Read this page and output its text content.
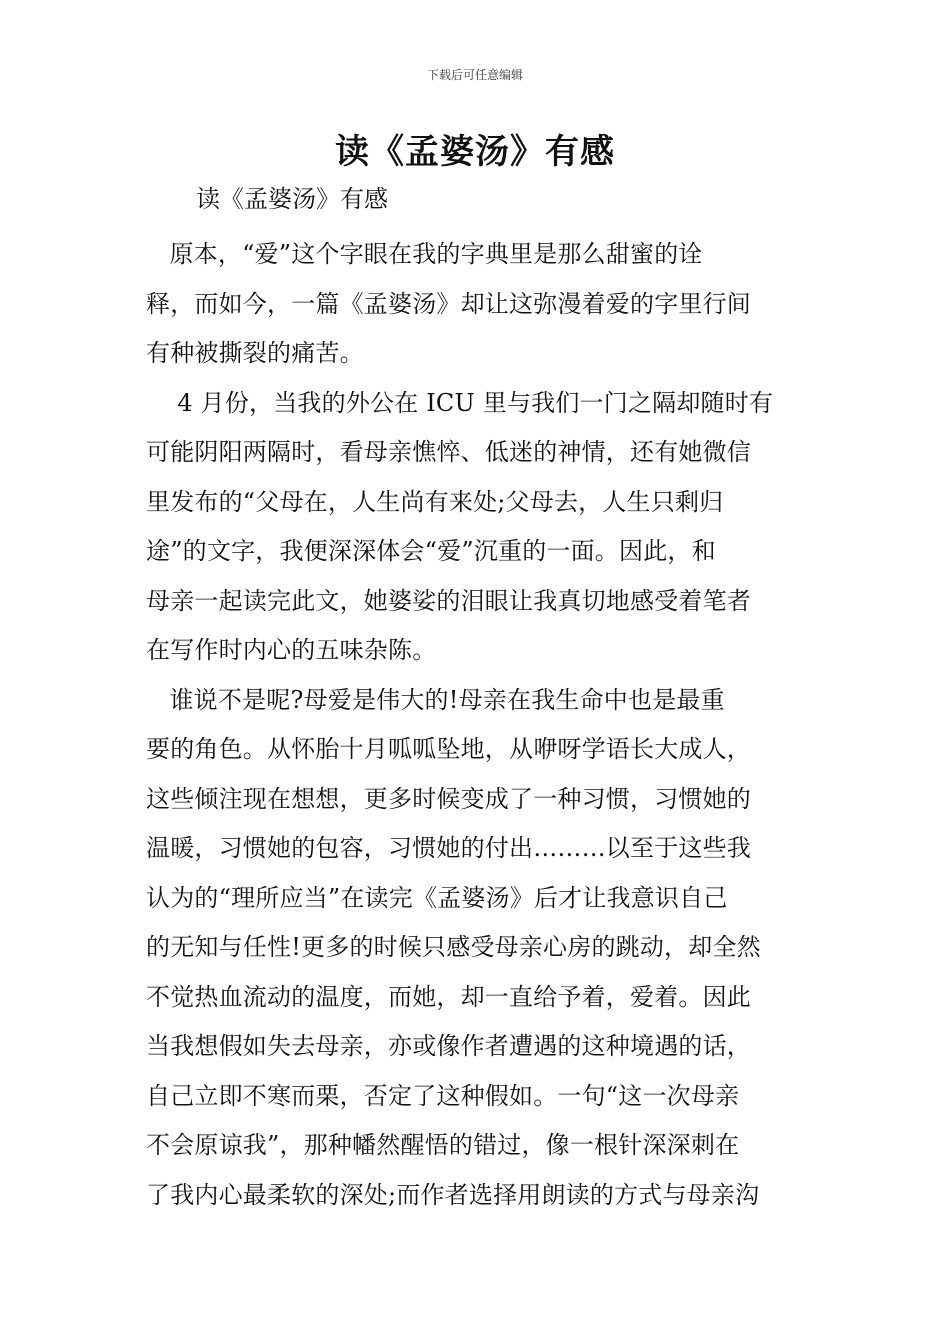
下载后可任意编辑
读《孟婆汤》有感
读《孟婆汤》有感
原本，“爱”这个字眼在我的字典里是那么甜蜜的诠
释，而如今，一篇《孟婆汤》却让这弥漫着爱的字里行间
有种被撕裂的痛苦。
4 月份，当我的外公在 ICU 里与我们一门之隔却随时有
可能阴阳两隔时，看母亲憔悴、低迷的神情，还有她微信
里发布的“父母在，人生尚有来处;父母去，人生只剩归
途”的文字，我便深深体会“爱”沉重的一面。因此，和
母亲一起读完此文，她婆娑的泪眼让我真切地感受着笔者
在写作时内心的五味杂陈。
谁说不是呢?母爱是伟大的!母亲在我生命中也是最重
要的角色。从怀胎十月呱呱坠地，从咿呀学语长大成人，
这些倾注现在想想，更多时候变成了一种习惯，习惯她的
温暖，习惯她的包容，习惯她的付出………以至于这些我
认为的“理所应当”在读完《孟婆汤》后才让我意识自己
的无知与任性!更多的时候只感受母亲心房的跳动，却全然
不觉热血流动的温度，而她，却一直给予着，爱着。因此
当我想假如失去母亲，亦或像作者遭遇的这种境遇的话，
自己立即不寒而栗，否定了这种假如。一句“这一次母亲
不会原谅我”，那种幡然醒悟的错过，像一根针深深刺在
了我内心最柔软的深处;而作者选择用朗读的方式与母亲沟
